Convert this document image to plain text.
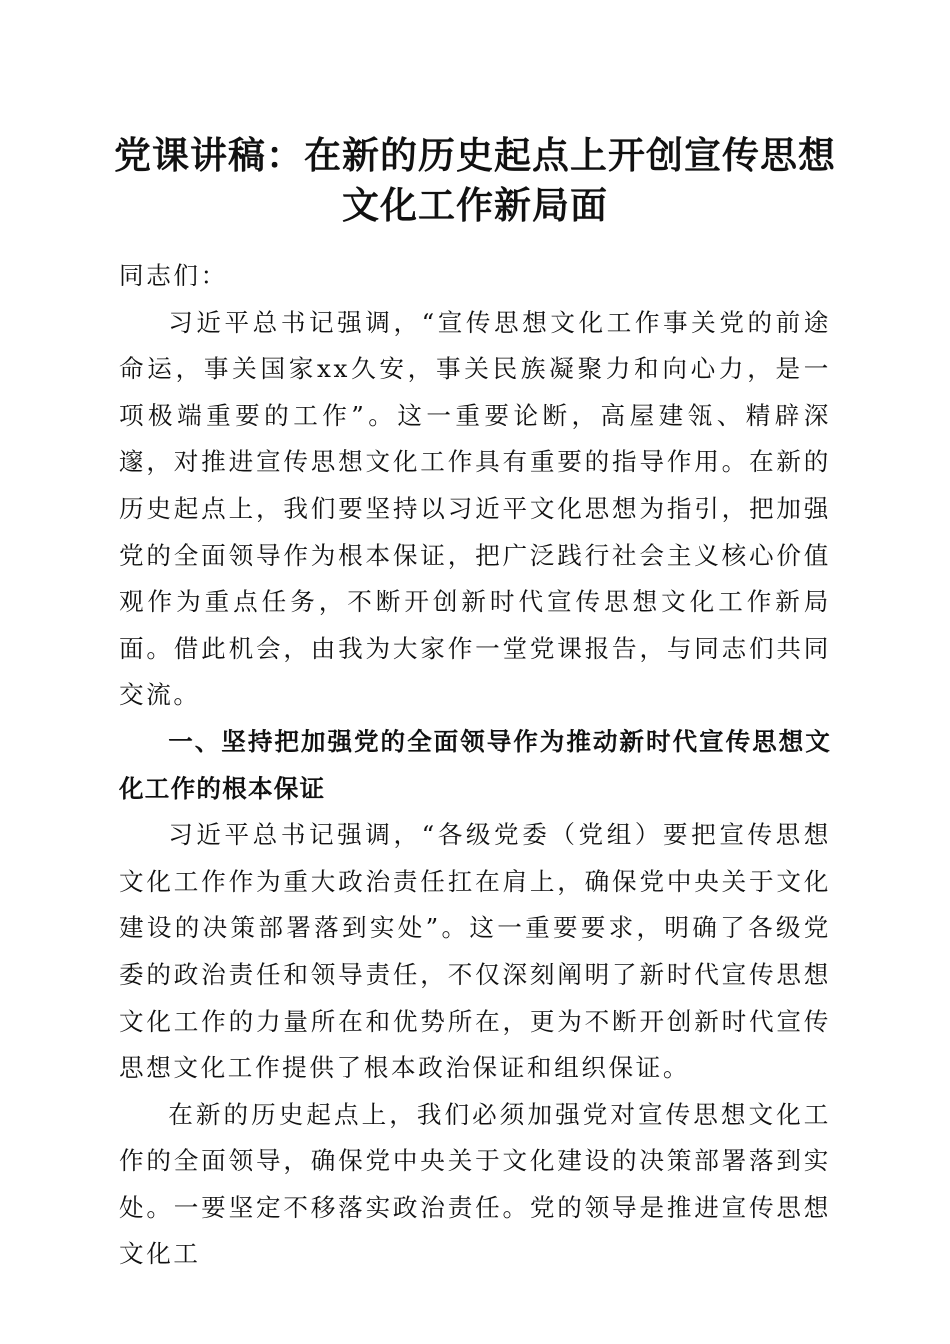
党课讲稿：在新的历史起点上开创宣传思想文化工作新局面

同志们：

习近平总书记强调，“宣传思想文化工作事关党的前途命运，事关国家xx久安，事关民族凝聚力和向心力，是一项极端重要的工作”。这一重要论断，高屋建瓴、精辟深邃，对推进宣传思想文化工作具有重要的指导作用。在新的历史起点上，我们要坚持以习近平文化思想为指引，把加强党的全面领导作为根本保证，把广泛践行社会主义核心价值观作为重点任务，不断开创新时代宣传思想文化工作新局面。借此机会，由我为大家作一堂党课报告，与同志们共同交流。

一、坚持把加强党的全面领导作为推动新时代宣传思想文化工作的根本保证

习近平总书记强调，“各级党委（党组）要把宣传思想文化工作作为重大政治责任扛在肩上，确保党中央关于文化建设的决策部署落到实处”。这一重要要求，明确了各级党委的政治责任和领导责任，不仅深刻阐明了新时代宣传思想文化工作的力量所在和优势所在，更为不断开创新时代宣传思想文化工作提供了根本政治保证和组织保证。

在新的历史起点上，我们必须加强党对宣传思想文化工作的全面领导，确保党中央关于文化建设的决策部署落到实处。一要坚定不移落实政治责任。党的领导是推进宣传思想文化工
